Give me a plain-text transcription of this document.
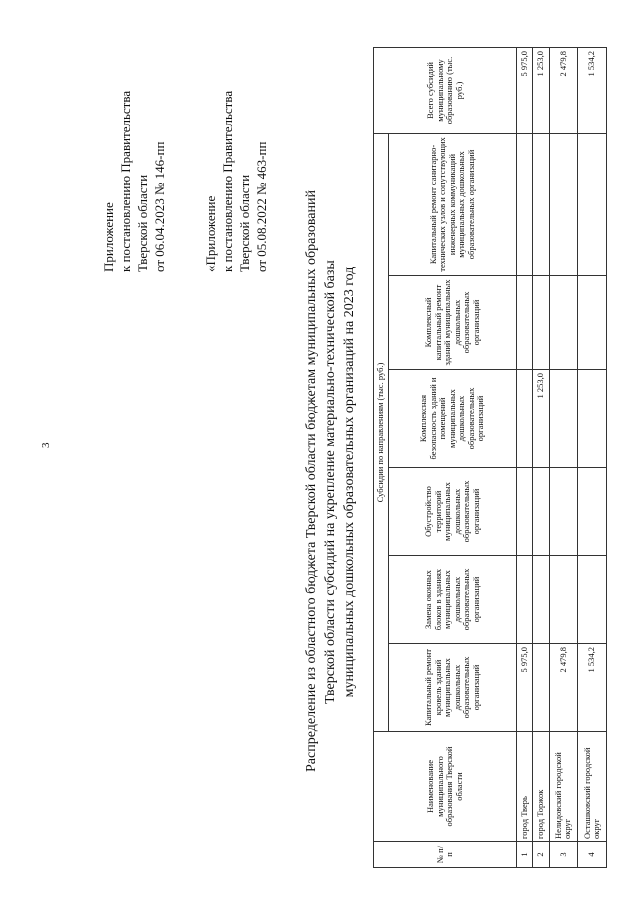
3
Приложение к постановлению Правительства Тверской области от 06.04.2023 № 146-пп	«Приложение к постановлению Правительства Тверской области от 05.08.2022 № 463-пп	Распределение из областного бюджета Тверской области бюджетам муниципальных образований Тверской области субсидий на укрепление материально-технической базы муниципальных дошкольных образовательных организаций на 2023 год
№ п/п	Наименование муниципального образования Тверской области	Субсидии по направлениям (тыс. руб.)						Всего субсидий муниципальному образованию (тыс. руб.)
		Капитальный ремонт кровель зданий муниципальных дошкольных образовательных организаций	Замена оконных блоков в зданиях муниципальных дошкольных образовательных организаций	Обустройство территорий муниципальных дошкольных образовательных организаций	Комплексная безопасность зданий и помещений муниципальных дошкольных образовательных организаций	Комплексный капитальный ремонт зданий муниципальных дошкольных образовательных организаций	Капитальный ремонт санитарно-технических узлов и сопутствующих инженерных коммуникаций муниципальных дошкольных образовательных организаций	
1	город Тверь	5 975,0						5 975,0
2	город Торжок				1 253,0			1 253,0
3	Нелидовский городской округ	2 479,8						2 479,8
4	Осташковский городской округ	1 534,2						1 534,2
